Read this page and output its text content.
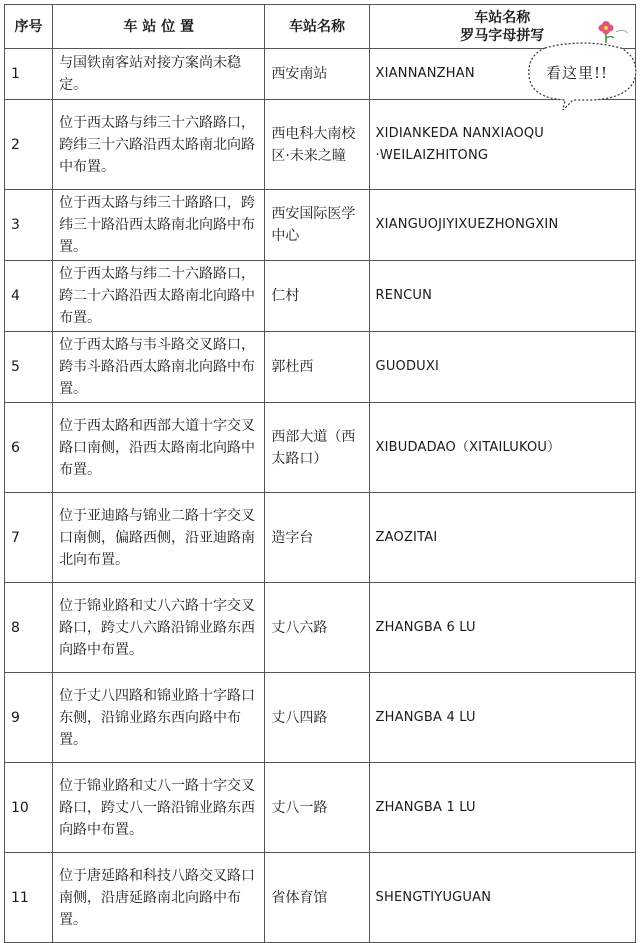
序号	车 站 位 置	车站名称	车站名称
罗马字母拼写

1	与国铁南客站对接方案尚未稳定。	西安南站	XIANNANZHAN
2	位于西太路与纬三十六路路口，跨纬三十六路沿西太路南北向路中布置。	西电科大南校区·未来之瞳	XIDIANKEDA NANXIAOQU ·WEILAIZHITONG
3	位于西太路与纬三十路路口，跨纬三十路沿西太路南北向路中布置。	西安国际医学中心	XIANGUOJIYIXUEZHONGXIN
4	位于西太路与纬二十六路路口，跨二十六路沿西太路南北向路中布置。	仁村	RENCUN
5	位于西太路与韦斗路交叉路口，跨韦斗路沿西太路南北向路中布置。	郭杜西	GUODUXI
6	位于西太路和西部大道十字交叉路口南侧，沿西太路南北向路中布置。	西部大道（西太路口）	XIBUDADAO（XITAILUKOU）
7	位于亚迪路与锦业二路十字交叉口南侧，偏路西侧，沿亚迪路南北向布置。	造字台	ZAOZITAI
8	位于锦业路和丈八六路十字交叉路口，跨丈八六路沿锦业路东西向路中布置。	丈八六路	ZHANGBA 6 LU
9	位于丈八四路和锦业路十字路口东侧，沿锦业路东西向路中布置。	丈八四路	ZHANGBA 4 LU
10	位于锦业路和丈八一路十字交叉路口，跨丈八一路沿锦业路东西向路中布置。	丈八一路	ZHANGBA 1 LU
11	位于唐延路和科技八路交叉路口南侧，沿唐延路南北向路中布置。	省体育馆	SHENGTIYUGUAN
看这里!!
